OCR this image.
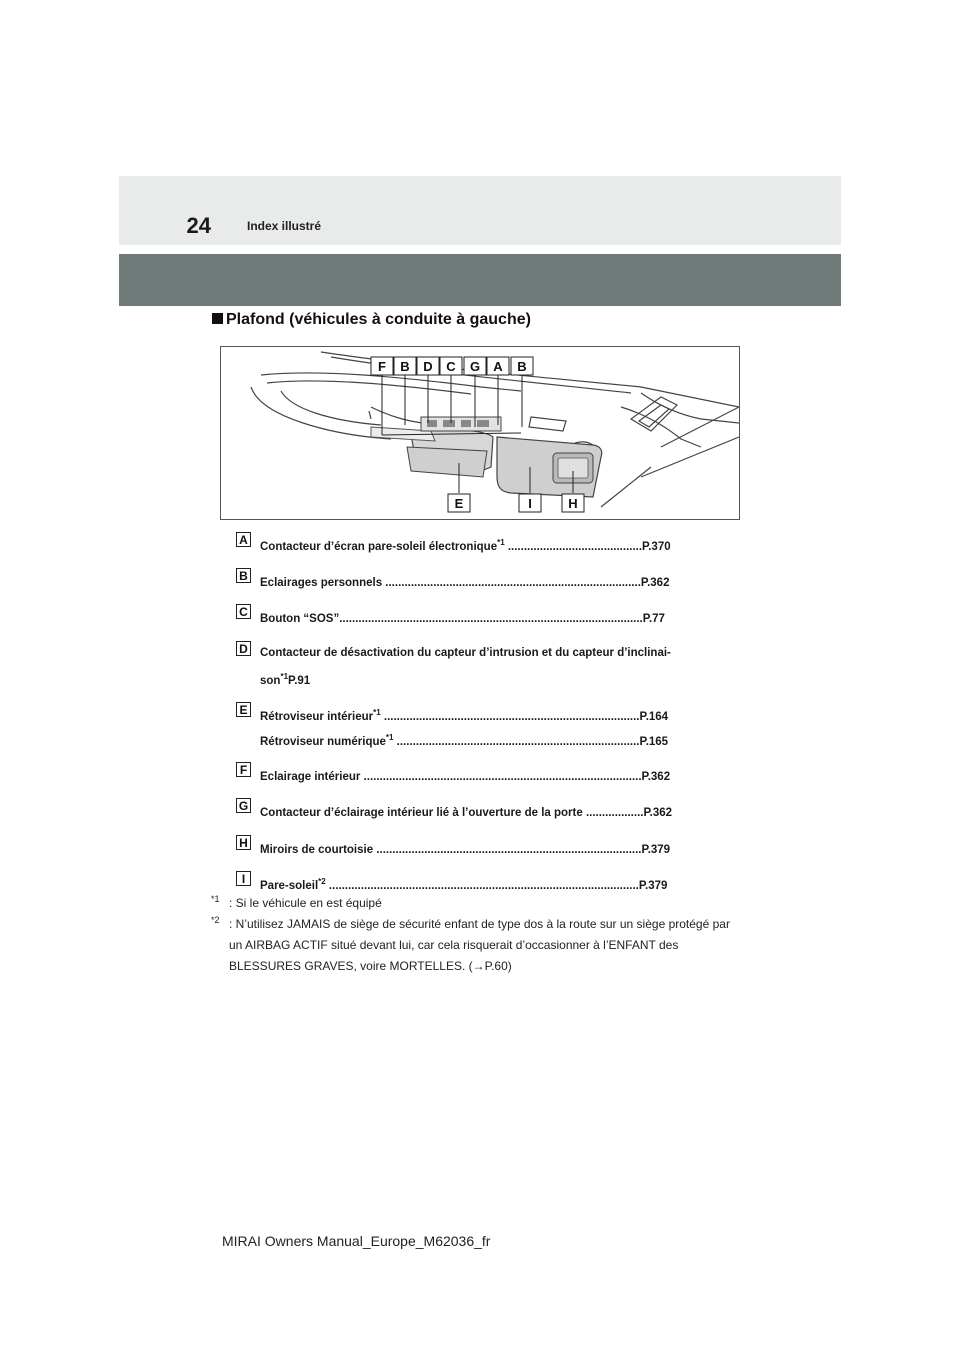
24	Index illustré
Plafond (véhicules à conduite à gauche)
F B D C G A B
E	I	H
A Contacteur d’écran pare-soleil électronique$^{*1}$ ..........................................P.370
B Eclairages personnels ................................................................................P.362
C Bouton “SOS”...............................................................................................P.77
D Contacteur de désactivation du capteur d’intrusion et du capteur d’inclinai-
son$^{*1}$P.91
E	Rétroviseur intérieur$^{*1}$ ................................................................................P.164
Rétroviseur numérique$^{*1}$ ............................................................................P.165
F	Eclairage intérieur .......................................................................................P.362
G Contacteur d’éclairage intérieur lié à l’ouverture de la porte ..................P.362
H Miroirs de courtoisie ...................................................................................P.379
I	Pare-soleil$^{*2}$ .................................................................................................P.379
*1 : Si le véhicule en est équipé
*2 : N’utilisez JAMAIS de siège de sécurité enfant de type dos à la route sur un siège protégé par un AIRBAG ACTIF situé devant lui, car cela risquerait d’occasionner à l’ENFANT des BLESSURES GRAVES, voire MORTELLES. (→P.60)
MIRAI Owners Manual_Europe_M62036_fr
